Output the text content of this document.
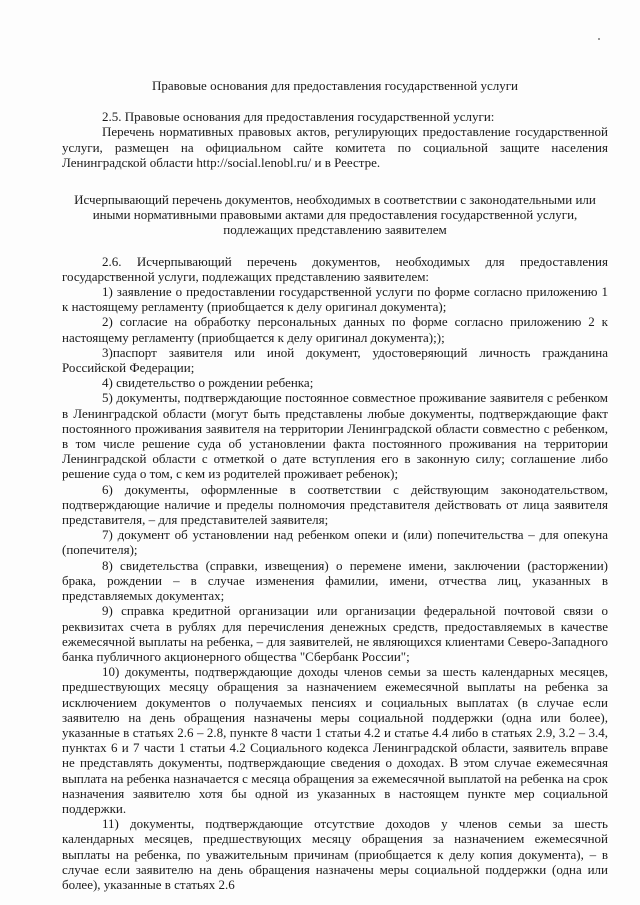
Правовые основания для предоставления государственной услуги

2.5. Правовые основания для предоставления государственной услуги:

Перечень нормативных правовых актов, регулирующих предоставление государственной услуги, размещен на официальном сайте комитета по социальной защите населения Ленинградской области http://social.lenobl.ru/ и в Реестре.

Исчерпывающий перечень документов, необходимых в соответствии с законодательными или иными нормативными правовыми актами для предоставления государственной услуги, подлежащих представлению заявителем

2.6. Исчерпывающий перечень документов, необходимых для предоставления государственной услуги, подлежащих представлению заявителем:

1) заявление о предоставлении государственной услуги по форме согласно приложению 1 к настоящему регламенту (приобщается к делу оригинал документа);

2) согласие на обработку персональных данных по форме согласно приложению 2 к настоящему регламенту (приобщается к делу оригинал документа););

3)паспорт заявителя или иной документ, удостоверяющий личность гражданина Российской Федерации;

4) свидетельство о рождении ребенка;

5) документы, подтверждающие постоянное совместное проживание заявителя с ребенком в Ленинградской области (могут быть представлены любые документы, подтверждающие факт постоянного проживания заявителя на территории Ленинградской области совместно с ребенком, в том числе решение суда об установлении факта постоянного проживания на территории Ленинградской области с отметкой о дате вступления его в законную силу; соглашение либо решение суда о том, с кем из родителей проживает ребенок);

6) документы, оформленные в соответствии с действующим законодательством, подтверждающие наличие и пределы полномочия представителя действовать от лица заявителя представителя, – для представителей заявителя;

7) документ об установлении над ребенком опеки и (или) попечительства – для опекуна (попечителя);

8) свидетельства (справки, извещения) о перемене имени, заключении (расторжении) брака, рождении – в случае изменения фамилии, имени, отчества лиц, указанных в представляемых документах;

9) справка кредитной организации или организации федеральной почтовой связи о реквизитах счета в рублях для перечисления денежных средств, предоставляемых в качестве ежемесячной выплаты на ребенка, – для заявителей, не являющихся клиентами Северо-Западного банка публичного акционерного общества "Сбербанк России";

10) документы, подтверждающие доходы членов семьи за шесть календарных месяцев, предшествующих месяцу обращения за назначением ежемесячной выплаты на ребенка за исключением документов о получаемых пенсиях и социальных выплатах (в случае если заявителю на день обращения назначены меры социальной поддержки (одна или более), указанные в статьях 2.6 – 2.8, пункте 8 части 1 статьи 4.2 и статье 4.4 либо в статьях 2.9, 3.2 – 3.4, пунктах 6 и 7 части 1 статьи 4.2 Социального кодекса Ленинградской области, заявитель вправе не представлять документы, подтверждающие сведения о доходах. В этом случае ежемесячная выплата на ребенка назначается с месяца обращения за ежемесячной выплатой на ребенка на срок назначения заявителю хотя бы одной из указанных в настоящем пункте мер социальной поддержки.

11) документы, подтверждающие отсутствие доходов у членов семьи за шесть календарных месяцев, предшествующих месяцу обращения за назначением ежемесячной выплаты на ребенка, по уважительным причинам (приобщается к делу копия документа), – в случае если заявителю на день обращения назначены меры социальной поддержки (одна или более), указанные в статьях 2.6
